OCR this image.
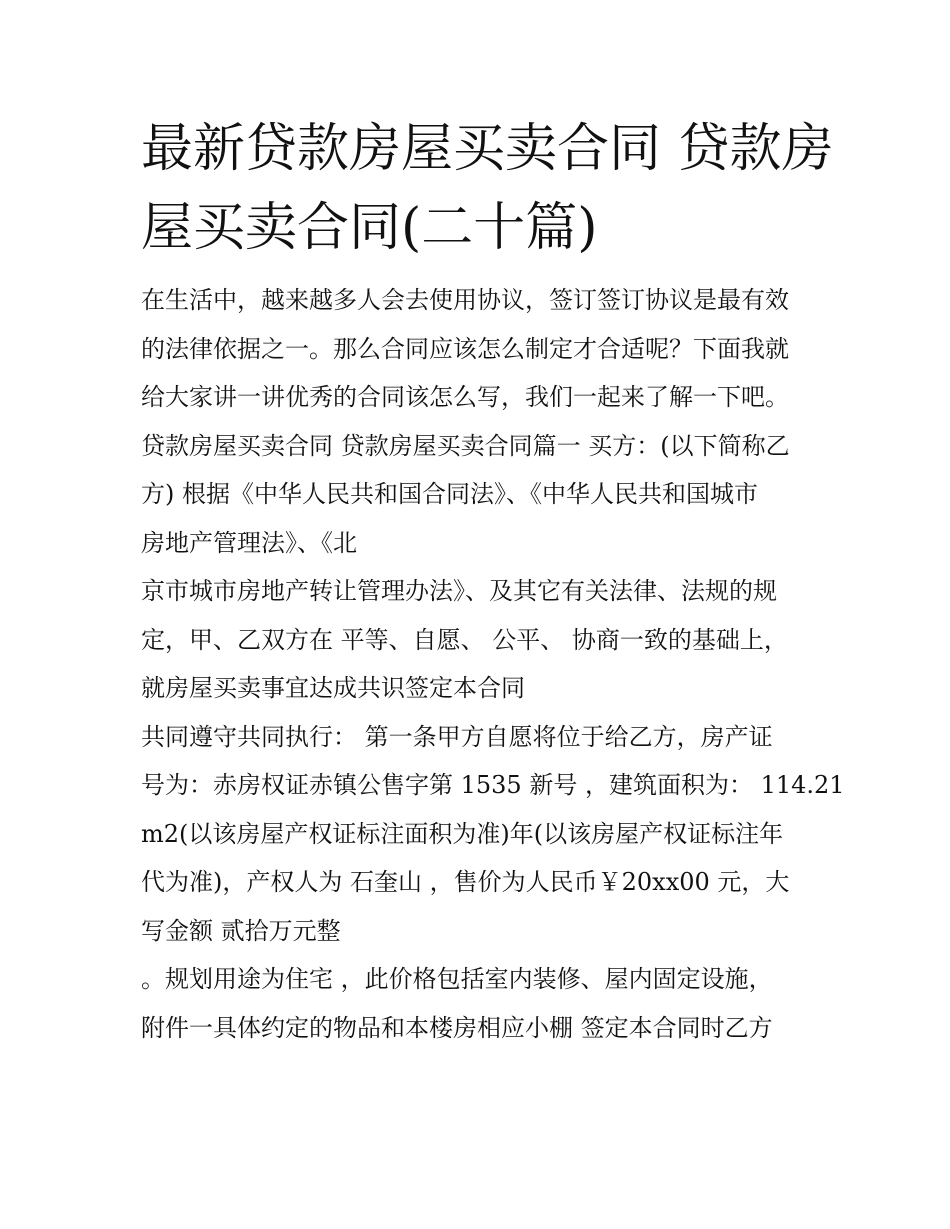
最新贷款房屋买卖合同 贷款房
屋买卖合同(二十篇)
在生活中，越来越多人会去使用协议，签订签订协议是最有效
的法律依据之一。那么合同应该怎么制定才合适呢？下面我就
给大家讲一讲优秀的合同该怎么写，我们一起来了解一下吧。
贷款房屋买卖合同 贷款房屋买卖合同篇一 买方：(以下简称乙
方) 根据《中华人民共和国合同法》、《中华人民共和国城市
房地产管理法》、《北
京市城市房地产转让管理办法》、及其它有关法律、法规的规
定，甲、乙双方在 平等、自愿、 公平、 协商一致的基础上，
就房屋买卖事宜达成共识签定本合同
共同遵守共同执行： 第一条甲方自愿将位于给乙方，房产证
号为：赤房权证赤镇公售字第 1535 新号 ，建筑面积为： 114.21
m2(以该房屋产权证标注面积为准)年(以该房屋产权证标注年
代为准)，产权人为 石奎山 ，售价为人民币￥20xx00 元，大
写金额 贰拾万元整
。规划用途为住宅 ，此价格包括室内装修、屋内固定设施，
附件一具体约定的物品和本楼房相应小棚 签定本合同时乙方
